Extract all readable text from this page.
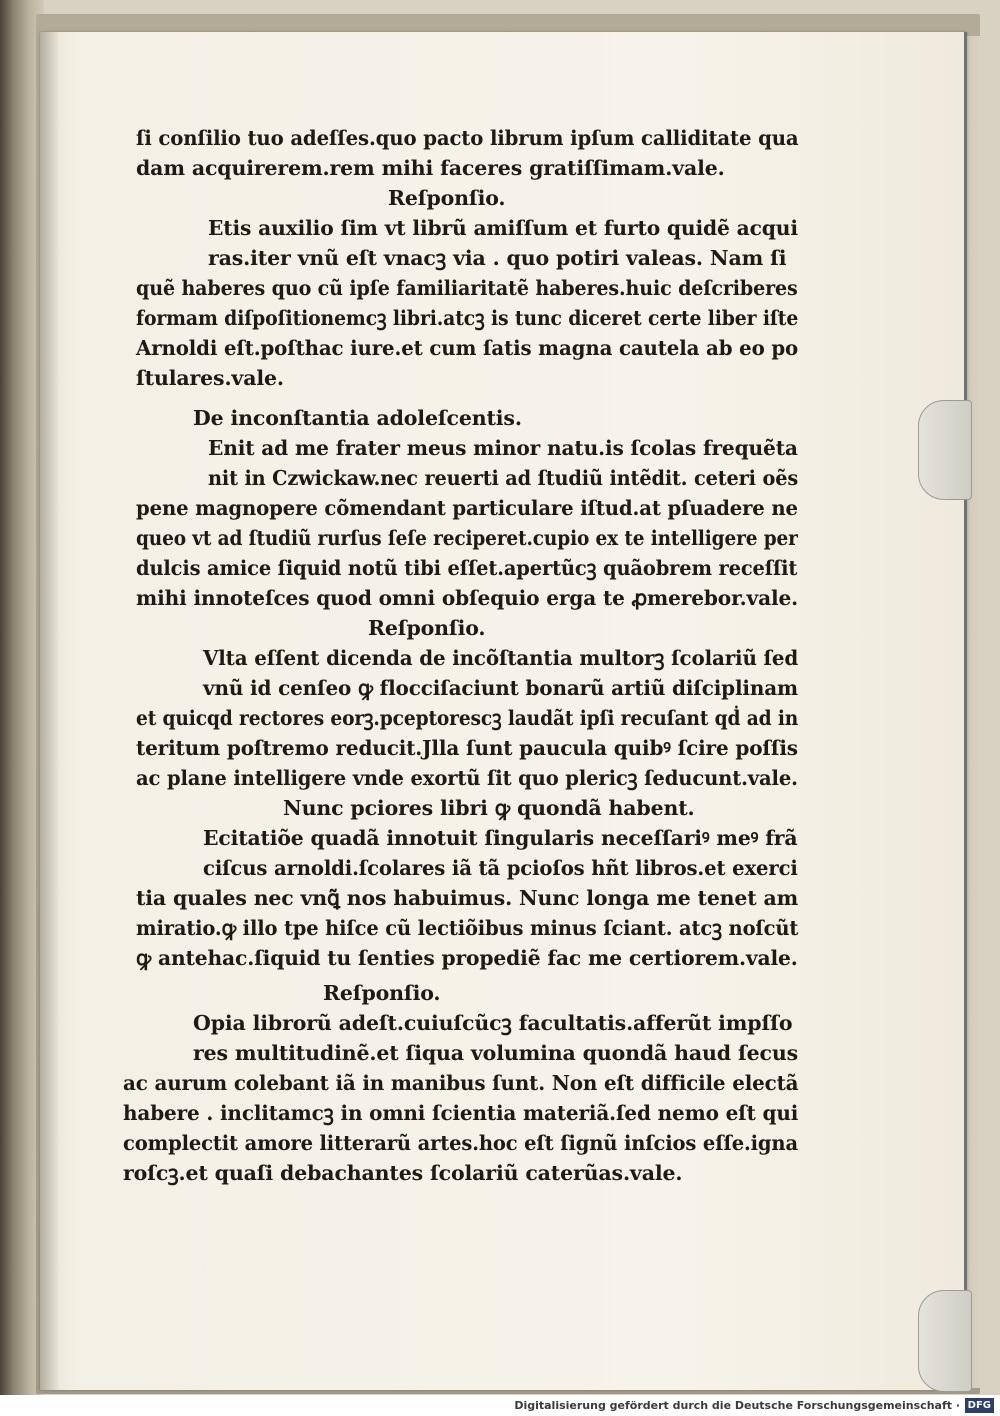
ſi conſilio tuo adeſſes.quo pacto librum ipſum calliditate qua
dam acquirerem.rem mihi faceres gratiſſimam.vale.
Reſponſio.
Etis auxilio ſim vt librũ amiſſum et furto quidẽ acqui
ras.iter vnũ eſt vnacꝫ via . quo potiri valeas. Nam ſi
quẽ haberes quo cũ ipſe familiaritatẽ haberes.huic deſcriberes
formam diſpoſitionemcꝫ libri.atcꝫ is tunc diceret certe liber iſte
Arnoldi eſt.poſthac iure.et cum ſatis magna cautela ab eo po
ſtulares.vale.
De inconſtantia adoleſcentis.
Enit ad me frater meus minor natu.is ſcolas frequẽta
nit in Czwickaw.nec reuerti ad ſtudiũ intẽdit. ceteri oẽs
pene magnopere cõmendant particulare iſtud.at pſuadere ne
queo vt ad ſtudiũ rurſus ſeſe reciperet.cupio ex te intelligere per
dulcis amice ſiquid notũ tibi eſſet.apertũcꝫ quãobrem receſſit
mihi innoteſces quod omni obſequio erga te ꝓmerebor.vale.
Reſponſio.
Vlta eſſent dicenda de incõſtantia multorꝫ ſcolariũ ſed
vnũ id cenſeo ꝙ flocciſaciunt bonarũ artiũ diſciplinam
et quicqd rectores eorꝫ.pceptorescꝫ laudãt ipſi recuſant qḋ ad in
teritum poſtremo reducit.Jlla ſunt paucula quibꝰ ſcire poſſis
ac plane intelligere vnde exortũ ſit quo plericꝫ ſeducunt.vale.
Nunc pciores libri ꝙ quondã habent.
Ecitatiõe quadã innotuit ſingularis neceſſariꝰ meꝰ frã
ciſcus arnoldi.ſcolares iã tã pcioſos hñt libros.et exerci
tia quales nec vnꝗ̃ nos habuimus. Nunc longa me tenet am
miratio.ꝙ illo tpe hiſce cũ lectiõibus minus ſciant. atcꝫ noſcũt
ꝙ antehac.ſiquid tu ſenties propediẽ fac me certiorem.vale.
Reſponſio.
Opia librorũ adeſt.cuiuſcũcꝫ facultatis.afferũt impſſo
res multitudinẽ.et ſiqua volumina quondã haud ſecus
ac aurum colebant iã in manibus ſunt. Non eſt difficile electã
habere . inclitamcꝫ in omni ſcientia materiã.ſed nemo eſt qui
complectit amore litterarũ artes.hoc eſt ſignũ inſcios eſſe.igna
roſcꝫ.et quaſi debachantes ſcolariũ caterũas.vale.
Digitalisierung gefördert durch die Deutsche Forschungsgemeinschaft · DFG
